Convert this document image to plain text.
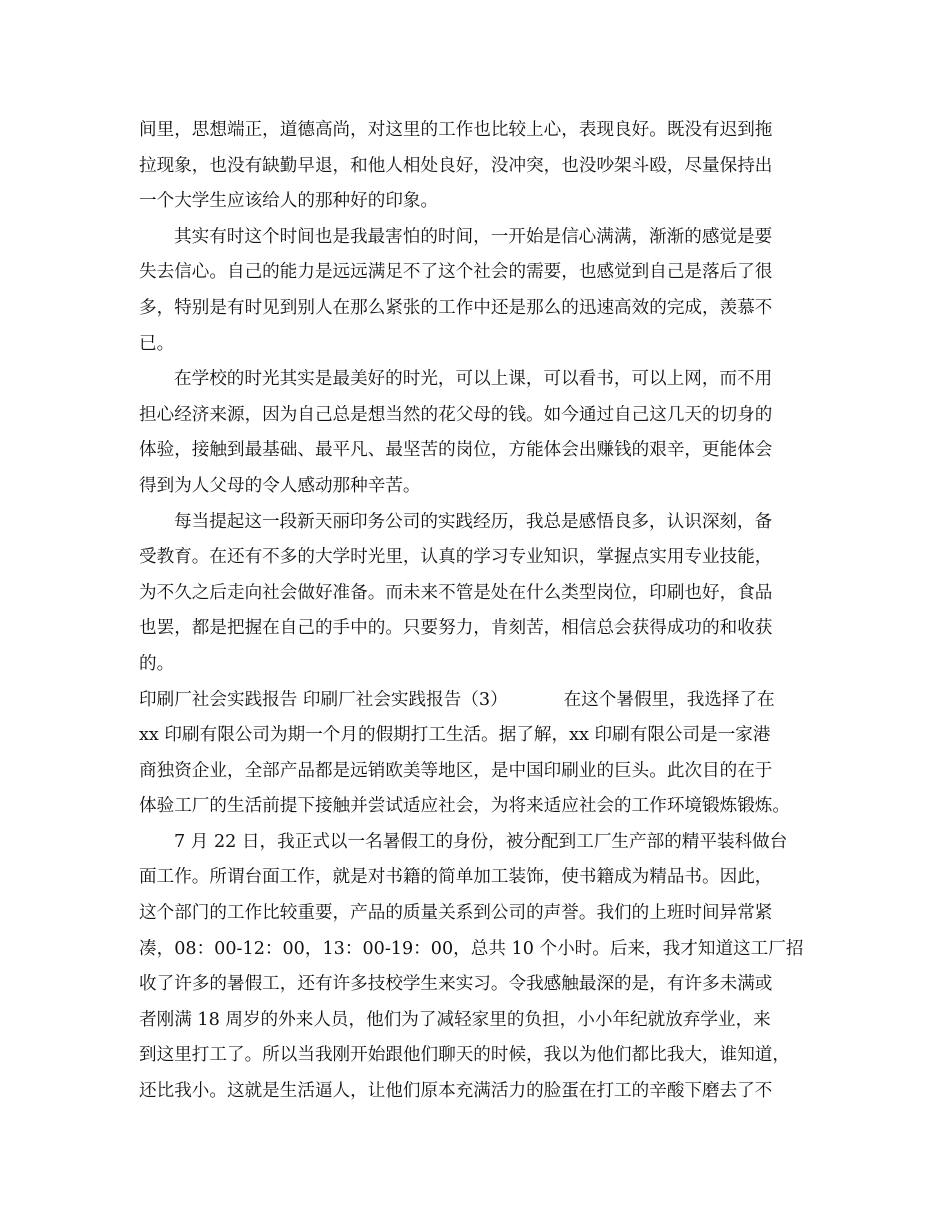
间里，思想端正，道德高尚，对这里的工作也比较上心，表现良好。既没有迟到拖
拉现象，也没有缺勤早退，和他人相处良好，没冲突，也没吵架斗殴，尽量保持出
一个大学生应该给人的那种好的印象。
其实有时这个时间也是我最害怕的时间，一开始是信心满满，渐渐的感觉是要
失去信心。自己的能力是远远满足不了这个社会的需要，也感觉到自己是落后了很
多，特别是有时见到别人在那么紧张的工作中还是那么的迅速高效的完成，羡慕不
已。
在学校的时光其实是最美好的时光，可以上课，可以看书，可以上网，而不用
担心经济来源，因为自己总是想当然的花父母的钱。如今通过自己这几天的切身的
体验，接触到最基础、最平凡、最坚苦的岗位，方能体会出赚钱的艰辛，更能体会
得到为人父母的令人感动那种辛苦。
每当提起这一段新天丽印务公司的实践经历，我总是感悟良多，认识深刻，备
受教育。在还有不多的大学时光里，认真的学习专业知识，掌握点实用专业技能，
为不久之后走向社会做好准备。而未来不管是处在什么类型岗位，印刷也好，食品
也罢，都是把握在自己的手中的。只要努力，肯刻苦，相信总会获得成功的和收获
的。
印刷厂社会实践报告 印刷厂社会实践报告（3）          在这个暑假里，我选择了在
xx 印刷有限公司为期一个月的假期打工生活。据了解，xx 印刷有限公司是一家港
商独资企业，全部产品都是远销欧美等地区，是中国印刷业的巨头。此次目的在于
体验工厂的生活前提下接触并尝试适应社会，为将来适应社会的工作环境锻炼锻炼。
7 月 22 日，我正式以一名暑假工的身份，被分配到工厂生产部的精平装科做台
面工作。所谓台面工作，就是对书籍的简单加工装饰，使书籍成为精品书。因此，
这个部门的工作比较重要，产品的质量关系到公司的声誉。我们的上班时间异常紧
凑，08：00-12：00，13：00-19：00，总共 10 个小时。后来，我才知道这工厂招
收了许多的暑假工，还有许多技校学生来实习。令我感触最深的是，有许多未满或
者刚满 18 周岁的外来人员，他们为了减轻家里的负担，小小年纪就放弃学业，来
到这里打工了。所以当我刚开始跟他们聊天的时候，我以为他们都比我大，谁知道，
还比我小。这就是生活逼人，让他们原本充满活力的脸蛋在打工的辛酸下磨去了不
